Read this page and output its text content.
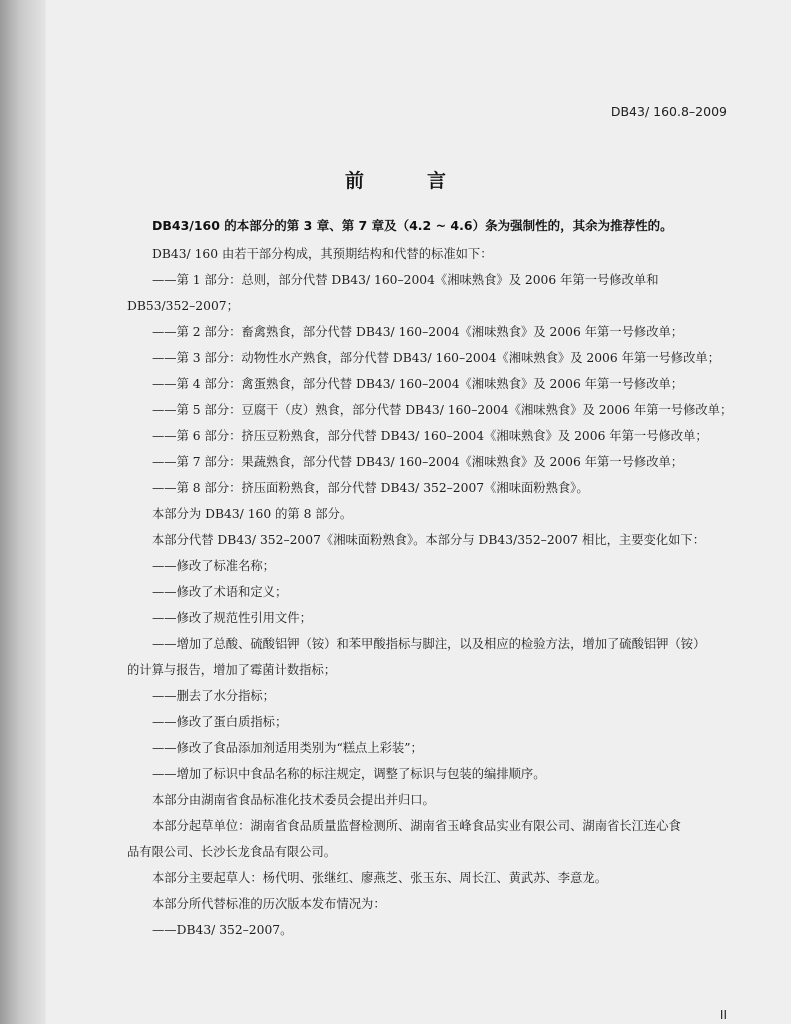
DB43/ 160.8–2009
前　言
DB43/160 的本部分的第 3 章、第 7 章及（4.2 ~ 4.6）条为强制性的，其余为推荐性的。
DB43/ 160 由若干部分构成，其预期结构和代替的标准如下：
——第 1 部分：总则，部分代替 DB43/ 160–2004《湘味熟食》及 2006 年第一号修改单和
DB53/352–2007；
——第 2 部分：畜禽熟食，部分代替 DB43/ 160–2004《湘味熟食》及 2006 年第一号修改单；
——第 3 部分：动物性水产熟食，部分代替 DB43/ 160–2004《湘味熟食》及 2006 年第一号修改单；
——第 4 部分：禽蛋熟食，部分代替 DB43/ 160–2004《湘味熟食》及 2006 年第一号修改单；
——第 5 部分：豆腐干（皮）熟食，部分代替 DB43/ 160–2004《湘味熟食》及 2006 年第一号修改单；
——第 6 部分：挤压豆粉熟食，部分代替 DB43/ 160–2004《湘味熟食》及 2006 年第一号修改单；
——第 7 部分：果蔬熟食，部分代替 DB43/ 160–2004《湘味熟食》及 2006 年第一号修改单；
——第 8 部分：挤压面粉熟食，部分代替 DB43/ 352–2007《湘味面粉熟食》。
本部分为 DB43/ 160 的第 8 部分。
本部分代替 DB43/ 352–2007《湘味面粉熟食》。本部分与 DB43/352–2007 相比，主要变化如下：
——修改了标准名称；
——修改了术语和定义；
——修改了规范性引用文件；
——增加了总酸、硫酸铝钾（铵）和苯甲酸指标与脚注，以及相应的检验方法，增加了硫酸铝钾（铵）
的计算与报告，增加了霉菌计数指标；
——删去了水分指标；
——修改了蛋白质指标；
——修改了食品添加剂适用类别为“糕点上彩装”；
——增加了标识中食品名称的标注规定，调整了标识与包装的编排顺序。
本部分由湖南省食品标准化技术委员会提出并归口。
本部分起草单位：湖南省食品质量监督检测所、湖南省玉峰食品实业有限公司、湖南省长江连心食
品有限公司、长沙长龙食品有限公司。
本部分主要起草人：杨代明、张继红、廖燕芝、张玉东、周长江、黄武苏、李意龙。
本部分所代替标准的历次版本发布情况为：
——DB43/ 352–2007。
II
